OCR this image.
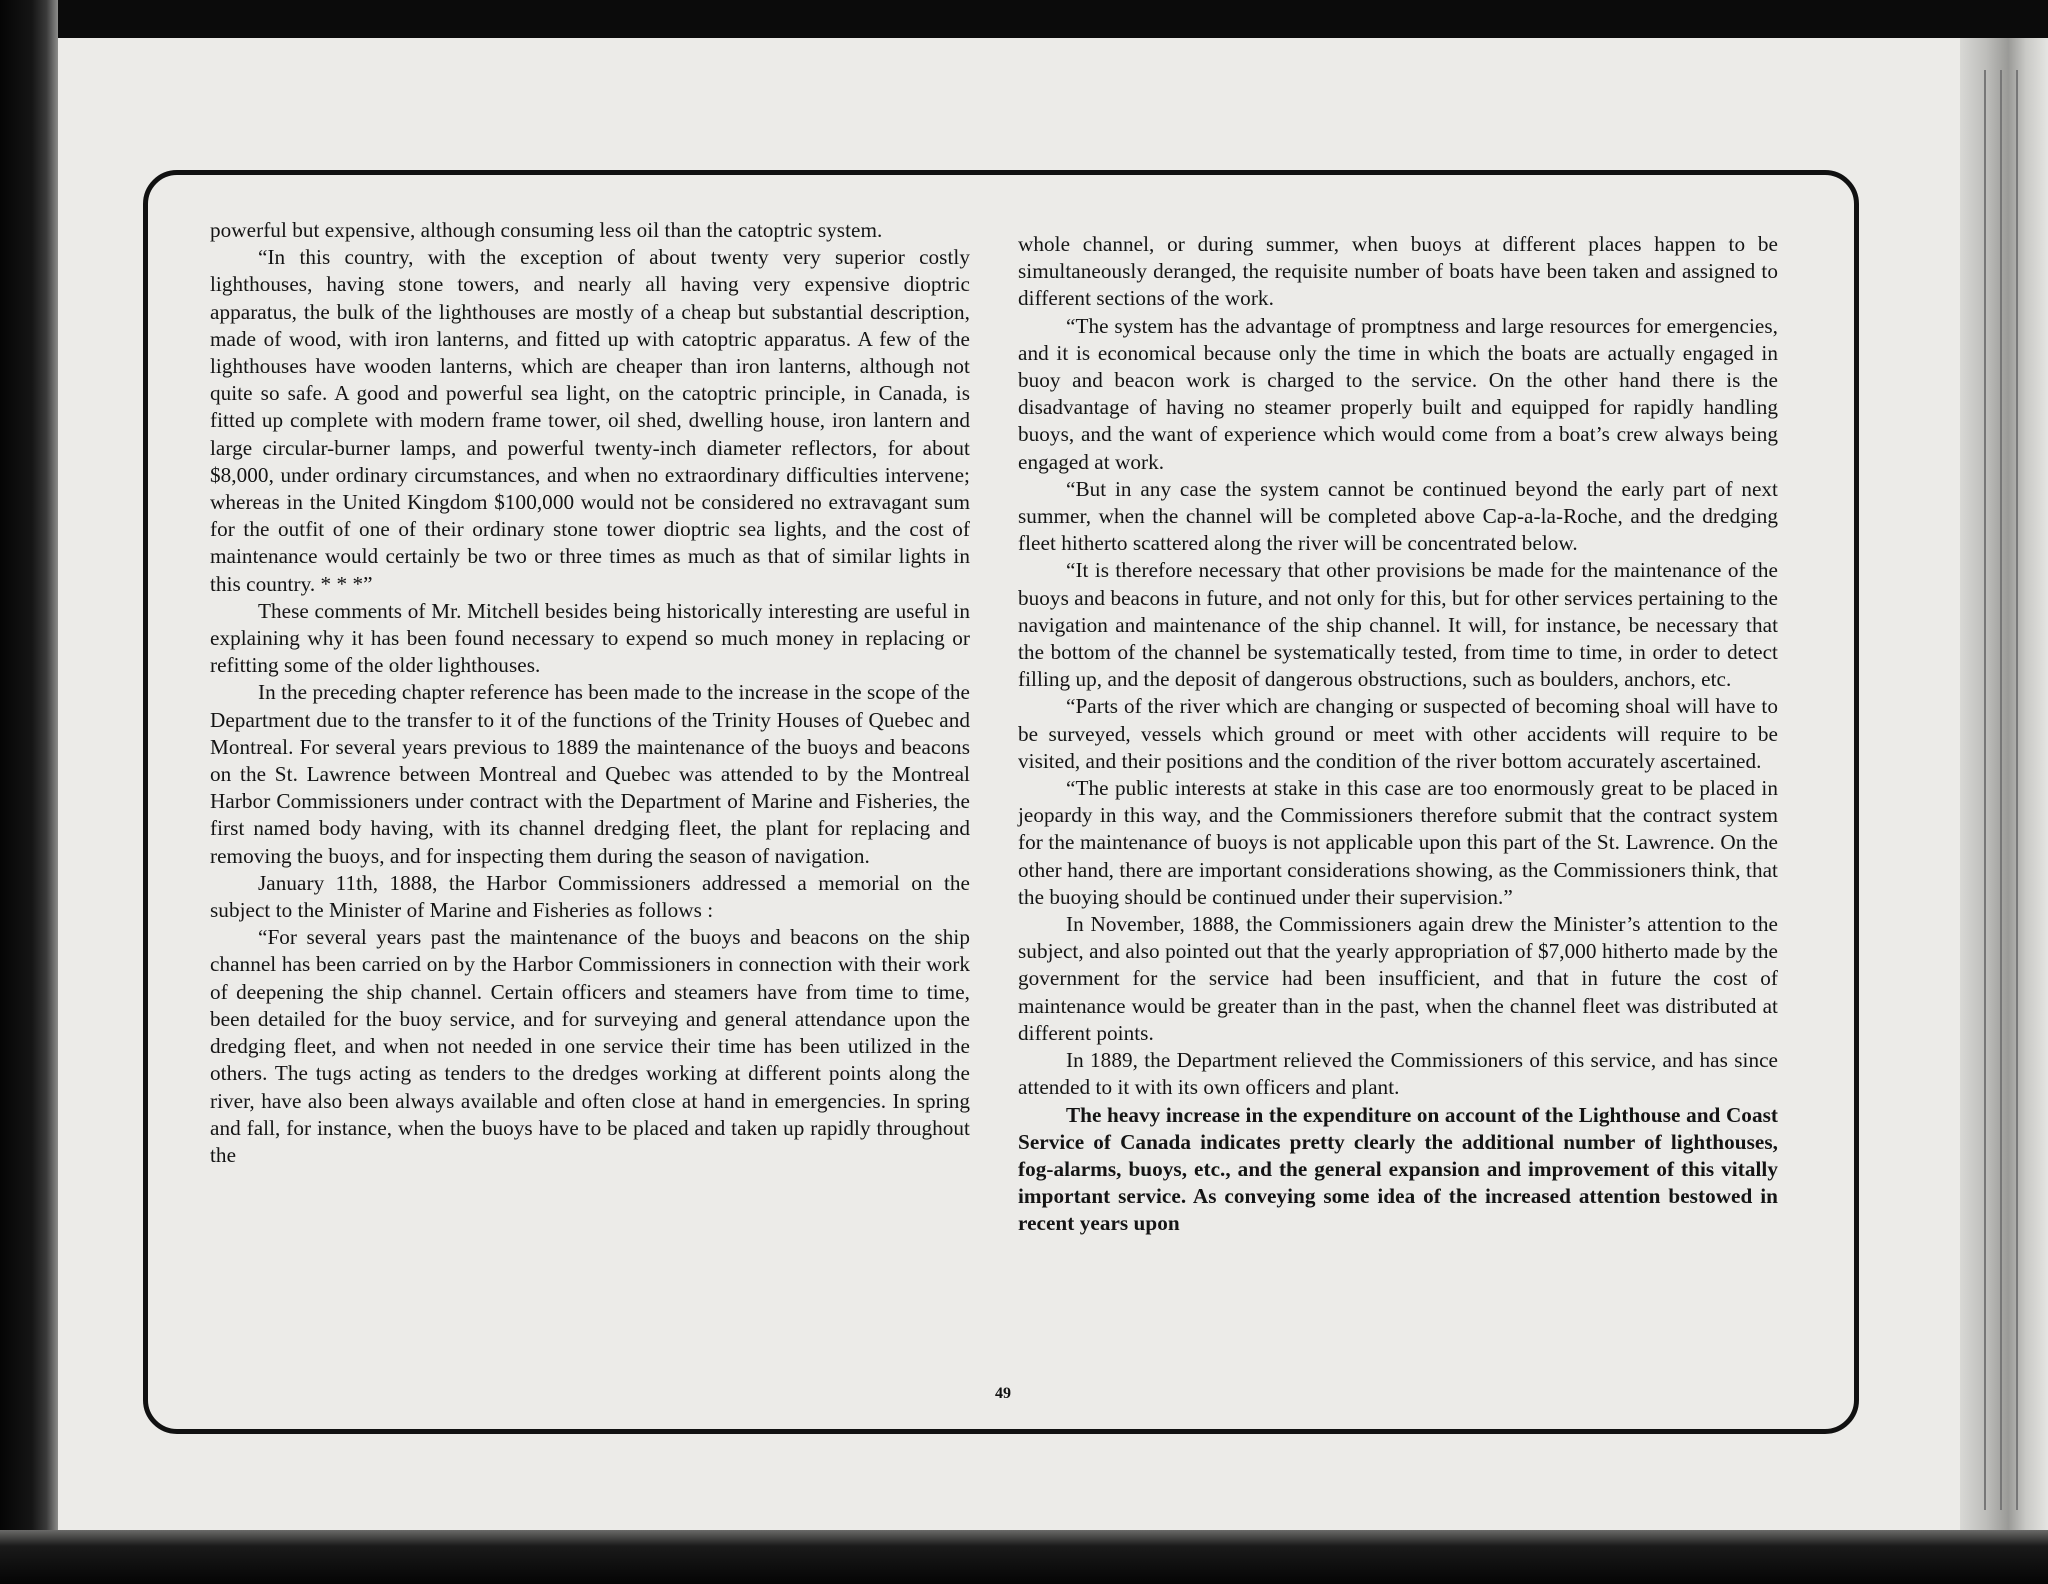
powerful but expensive, although consuming less oil than the catoptric system.

“In this country, with the exception of about twenty very superior costly lighthouses, having stone towers, and nearly all having very expensive dioptric apparatus, the bulk of the lighthouses are mostly of a cheap but substantial description, made of wood, with iron lanterns, and fitted up with catoptric apparatus. A few of the lighthouses have wooden lanterns, which are cheaper than iron lanterns, although not quite so safe. A good and powerful sea light, on the catoptric principle, in Canada, is fitted up complete with modern frame tower, oil shed, dwelling house, iron lantern and large circular-burner lamps, and powerful twenty-inch diameter reflectors, for about $8,000, under ordinary circumstances, and when no extraordinary difficulties intervene; whereas in the United Kingdom $100,000 would not be considered no extravagant sum for the outfit of one of their ordinary stone tower dioptric sea lights, and the cost of maintenance would certainly be two or three times as much as that of similar lights in this country. * * *”

These comments of Mr. Mitchell besides being historically interesting are useful in explaining why it has been found necessary to expend so much money in replacing or refitting some of the older lighthouses.

In the preceding chapter reference has been made to the increase in the scope of the Department due to the transfer to it of the functions of the Trinity Houses of Quebec and Montreal. For several years previous to 1889 the maintenance of the buoys and beacons on the St. Lawrence between Montreal and Quebec was attended to by the Montreal Harbor Commissioners under contract with the Department of Marine and Fisheries, the first named body having, with its channel dredging fleet, the plant for replacing and removing the buoys, and for inspecting them during the season of navigation.

January 11th, 1888, the Harbor Commissioners addressed a memorial on the subject to the Minister of Marine and Fisheries as follows :

“For several years past the maintenance of the buoys and beacons on the ship channel has been carried on by the Harbor Commissioners in connection with their work of deepening the ship channel. Certain officers and steamers have from time to time, been detailed for the buoy service, and for surveying and general attendance upon the dredging fleet, and when not needed in one service their time has been utilized in the others. The tugs acting as tenders to the dredges working at different points along the river, have also been always available and often close at hand in emergencies. In spring and fall, for instance, when the buoys have to be placed and taken up rapidly throughout the

whole channel, or during summer, when buoys at different places happen to be simultaneously deranged, the requisite number of boats have been taken and assigned to different sections of the work.

“The system has the advantage of promptness and large resources for emergencies, and it is economical because only the time in which the boats are actually engaged in buoy and beacon work is charged to the service. On the other hand there is the disadvantage of having no steamer properly built and equipped for rapidly handling buoys, and the want of experience which would come from a boat’s crew always being engaged at work.

“But in any case the system cannot be continued beyond the early part of next summer, when the channel will be completed above Cap-a-la-Roche, and the dredging fleet hitherto scattered along the river will be concentrated below.

“It is therefore necessary that other provisions be made for the maintenance of the buoys and beacons in future, and not only for this, but for other services pertaining to the navigation and maintenance of the ship channel. It will, for instance, be necessary that the bottom of the channel be systematically tested, from time to time, in order to detect filling up, and the deposit of dangerous obstructions, such as boulders, anchors, etc.

“Parts of the river which are changing or suspected of becoming shoal will have to be surveyed, vessels which ground or meet with other accidents will require to be visited, and their positions and the condition of the river bottom accurately ascertained.

“The public interests at stake in this case are too enormously great to be placed in jeopardy in this way, and the Commissioners therefore submit that the contract system for the maintenance of buoys is not applicable upon this part of the St. Lawrence. On the other hand, there are important considerations showing, as the Commissioners think, that the buoying should be continued under their supervision.”

In November, 1888, the Commissioners again drew the Minister’s attention to the subject, and also pointed out that the yearly appropriation of $7,000 hitherto made by the government for the service had been insufficient, and that in future the cost of maintenance would be greater than in the past, when the channel fleet was distributed at different points.

In 1889, the Department relieved the Commissioners of this service, and has since attended to it with its own officers and plant.

The heavy increase in the expenditure on account of the Lighthouse and Coast Service of Canada indicates pretty clearly the additional number of lighthouses, fog-alarms, buoys, etc., and the general expansion and improvement of this vitally important service. As conveying some idea of the increased attention bestowed in recent years upon

49
